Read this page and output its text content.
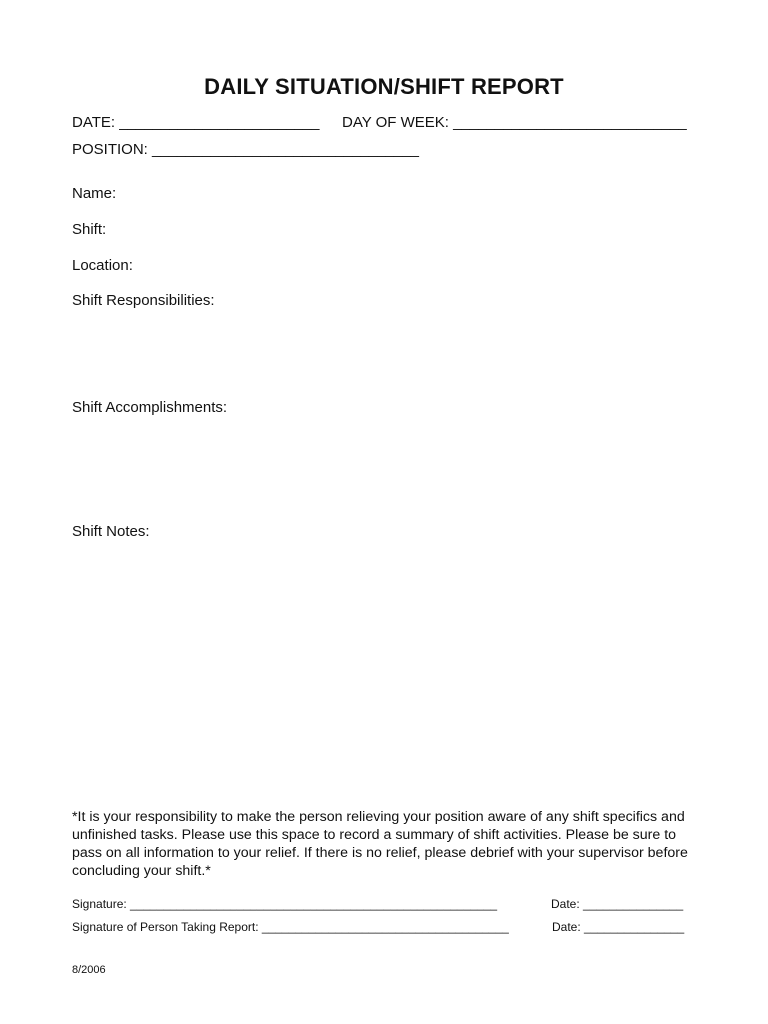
DAILY SITUATION/SHIFT REPORT
DATE: ________________________ DAY OF WEEK: ____________________________
POSITION: ________________________________
Name:
Shift:
Location:
Shift Responsibilities:
Shift Accomplishments:
Shift Notes:
*It is your responsibility to make the person relieving your position aware of any shift specifics and unfinished tasks. Please use this space to record a summary of shift activities. Please be sure to pass on all information to your relief. If there is no relief, please debrief with your supervisor before concluding your shift.*
Signature: _______________________________________________________	Date: _______________
Signature of Person Taking Report: _____________________________________	Date: _______________
8/2006
